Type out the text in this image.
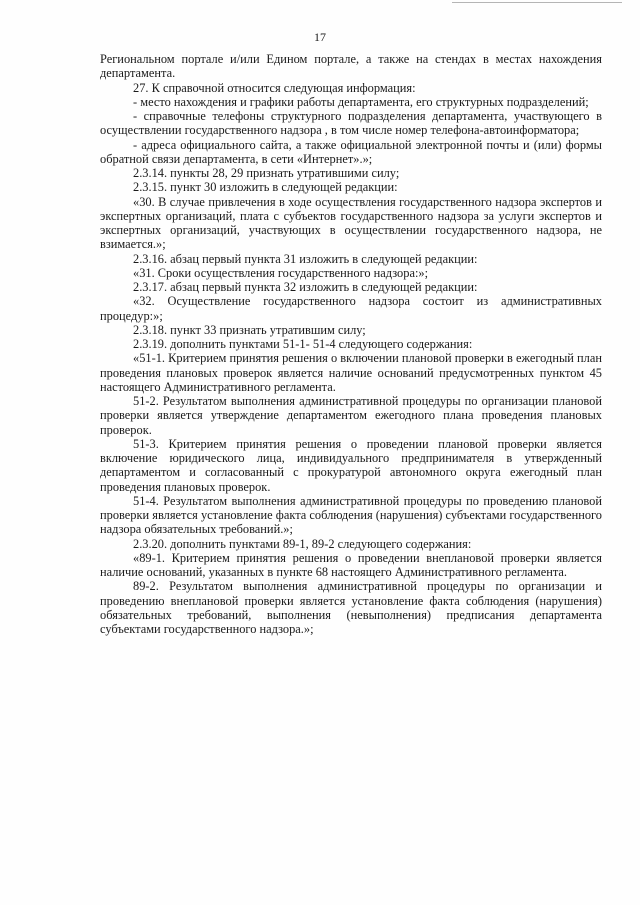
17

Региональном портале и/или Едином портале, а также на стендах в местах нахождения департамента.

27. К справочной относится следующая информация:

- место нахождения и графики работы департамента, его структурных подразделений;

- справочные телефоны структурного подразделения департамента, участвующего в осуществлении государственного надзора , в том числе номер телефона-автоинформатора;

- адреса официального сайта, а также официальной электронной почты и (или) формы обратной связи департамента, в сети «Интернет».»;

2.3.14. пункты 28, 29 признать утратившими силу;

2.3.15. пункт 30 изложить в следующей редакции:

«30. В случае привлечения в ходе осуществления государственного надзора экспертов и экспертных организаций, плата с субъектов государственного надзора за услуги экспертов и экспертных организаций, участвующих в осуществлении государственного надзора, не взимается.»;

2.3.16. абзац первый пункта 31 изложить в следующей редакции:

«31. Сроки осуществления государственного надзора:»;

2.3.17. абзац первый пункта 32 изложить в следующей редакции:

«32. Осуществление государственного надзора состоит из административных процедур:»;

2.3.18. пункт 33 признать утратившим силу;

2.3.19. дополнить пунктами 51-1- 51-4 следующего содержания:

«51-1. Критерием принятия решения о включении плановой проверки в ежегодный план проведения плановых проверок является наличие оснований предусмотренных пунктом 45 настоящего Административного регламента.

51-2. Результатом выполнения административной процедуры по организации плановой проверки является утверждение департаментом ежегодного плана проведения плановых проверок.

51-3. Критерием принятия решения о проведении плановой проверки является включение юридического лица, индивидуального предпринимателя в утвержденный департаментом и согласованный с прокуратурой автономного округа ежегодный план проведения плановых проверок.

51-4. Результатом выполнения административной процедуры по проведению плановой проверки является установление факта соблюдения (нарушения) субъектами государственного надзора обязательных требований.»;

2.3.20. дополнить пунктами 89-1, 89-2 следующего содержания:

«89-1. Критерием принятия решения о проведении внеплановой проверки является наличие оснований, указанных в пункте 68 настоящего Административного регламента.

89-2. Результатом выполнения административной процедуры по организации и проведению внеплановой проверки является установление факта соблюдения (нарушения) обязательных требований, выполнения (невыполнения) предписания департамента субъектами государственного надзора.»;
